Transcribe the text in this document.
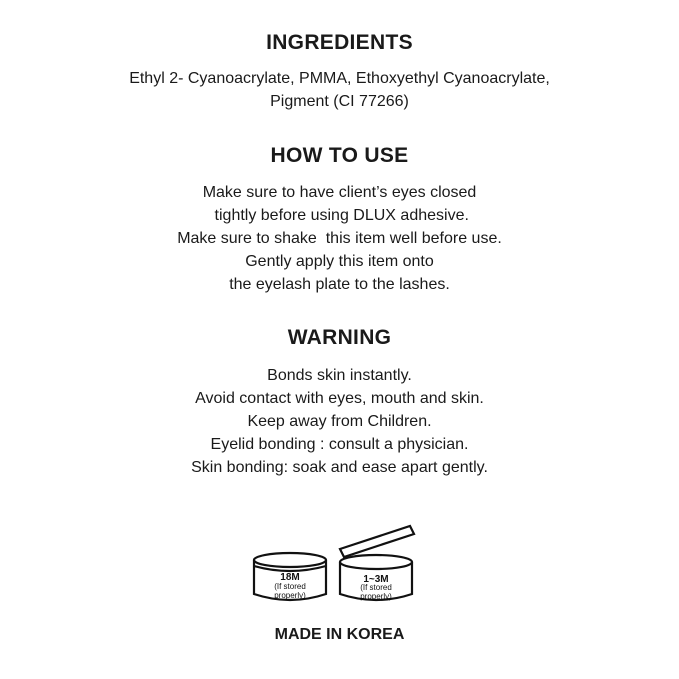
INGREDIENTS

Ethyl 2- Cyanoacrylate, PMMA, Ethoxyethyl Cyanoacrylate,
Pigment (CI 77266)

HOW TO USE

Make sure to have client’s eyes closed
tightly before using DLUX adhesive.
Make sure to shake  this item well before use.
Gently apply this item onto
the eyelash plate to the lashes.

WARNING

Bonds skin instantly.
Avoid contact with eyes, mouth and skin.
Keep away from Children.
Eyelid bonding : consult a physician.
Skin bonding: soak and ease apart gently.

18M
(If stored
properly)
1~3M
(If stored
properly)
MADE IN KOREA
